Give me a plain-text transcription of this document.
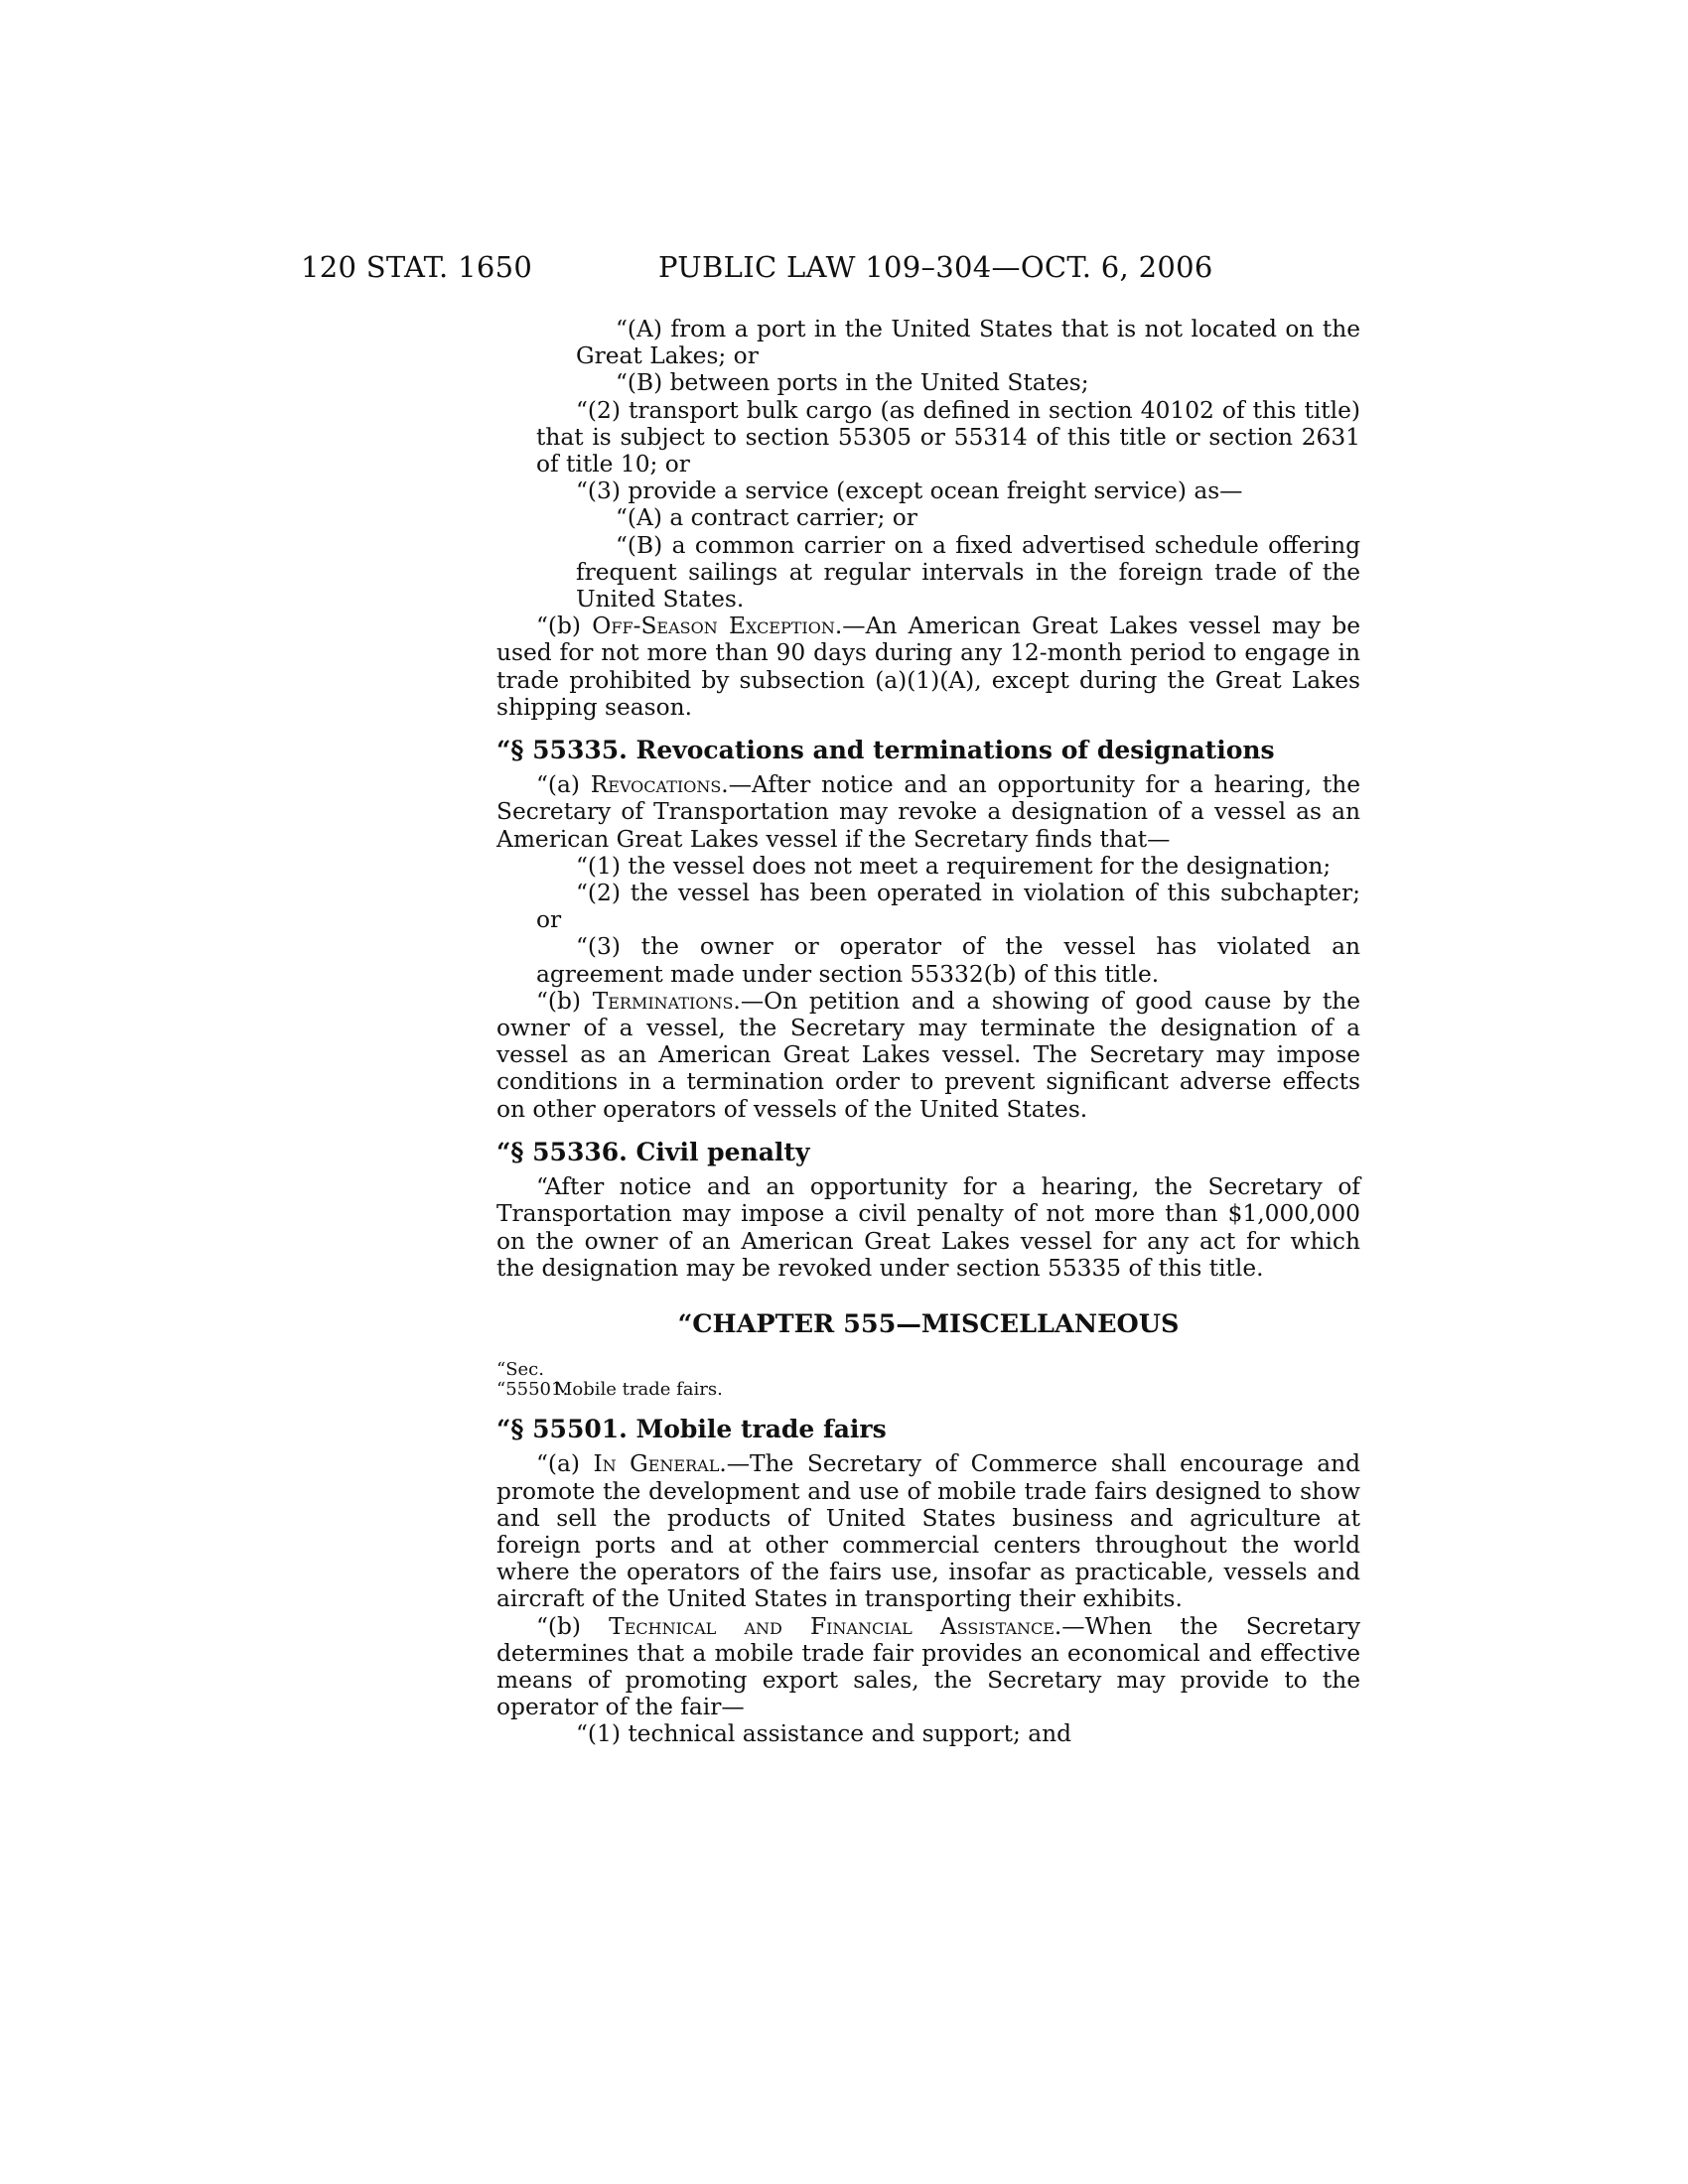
120 STAT. 1650	PUBLIC LAW 109–304—OCT. 6, 2006

“(A) from a port in the United States that is not located on the Great Lakes; or

“(B) between ports in the United States;

“(2) transport bulk cargo (as defined in section 40102 of this title) that is subject to section 55305 or 55314 of this title or section 2631 of title 10; or

“(3) provide a service (except ocean freight service) as—

“(A) a contract carrier; or

“(B) a common carrier on a fixed advertised schedule offering frequent sailings at regular intervals in the foreign trade of the United States.

“(b) Off-Season Exception.—An American Great Lakes vessel may be used for not more than 90 days during any 12-month period to engage in trade prohibited by subsection (a)(1)(A), except during the Great Lakes shipping season.

“§ 55335. Revocations and terminations of designations

“(a) Revocations.—After notice and an opportunity for a hearing, the Secretary of Transportation may revoke a designation of a vessel as an American Great Lakes vessel if the Secretary finds that—

“(1) the vessel does not meet a requirement for the designation;

“(2) the vessel has been operated in violation of this subchapter; or

“(3) the owner or operator of the vessel has violated an agreement made under section 55332(b) of this title.

“(b) Terminations.—On petition and a showing of good cause by the owner of a vessel, the Secretary may terminate the designation of a vessel as an American Great Lakes vessel. The Secretary may impose conditions in a termination order to prevent significant adverse effects on other operators of vessels of the United States.

“§ 55336. Civil penalty

“After notice and an opportunity for a hearing, the Secretary of Transportation may impose a civil penalty of not more than $1,000,000 on the owner of an American Great Lakes vessel for any act for which the designation may be revoked under section 55335 of this title.

“CHAPTER 555—MISCELLANEOUS
“Sec.
“55501.Mobile trade fairs.
“§ 55501. Mobile trade fairs

“(a) In General.—The Secretary of Commerce shall encourage and promote the development and use of mobile trade fairs designed to show and sell the products of United States business and agriculture at foreign ports and at other commercial centers throughout the world where the operators of the fairs use, insofar as practicable, vessels and aircraft of the United States in transporting their exhibits.

“(b) Technical and Financial Assistance.—When the Secretary determines that a mobile trade fair provides an economical and effective means of promoting export sales, the Secretary may provide to the operator of the fair—

“(1) technical assistance and support; and
